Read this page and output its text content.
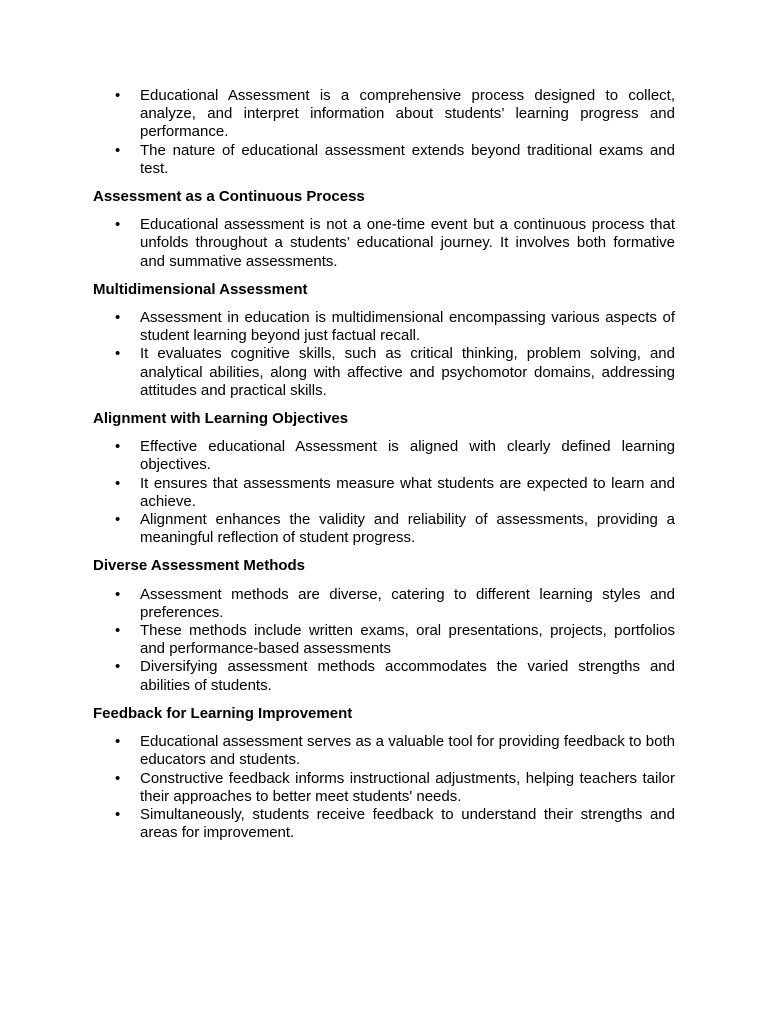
• Educational Assessment is a comprehensive process designed to collect, analyze, and interpret information about students’ learning progress and performance.
• The nature of educational assessment extends beyond traditional exams and test.
Assessment as a Continuous Process
• Educational assessment is not a one-time event but a continuous process that unfolds throughout a students’ educational journey. It involves both formative and summative assessments.
Multidimensional Assessment
• Assessment in education is multidimensional encompassing various aspects of student learning beyond just factual recall.
• It evaluates cognitive skills, such as critical thinking, problem solving, and analytical abilities, along with affective and psychomotor domains, addressing attitudes and practical skills.
Alignment with Learning Objectives
• Effective educational Assessment is aligned with clearly defined learning objectives.
• It ensures that assessments measure what students are expected to learn and achieve.
• Alignment enhances the validity and reliability of assessments, providing a meaningful reflection of student progress.
Diverse Assessment Methods
• Assessment methods are diverse, catering to different learning styles and preferences.
• These methods include written exams, oral presentations, projects, portfolios and performance-based assessments
• Diversifying assessment methods accommodates the varied strengths and abilities of students.
Feedback for Learning Improvement
• Educational assessment serves as a valuable tool for providing feedback to both educators and students.
• Constructive feedback informs instructional adjustments, helping teachers tailor their approaches to better meet students' needs.
• Simultaneously, students receive feedback to understand their strengths and areas for improvement.
